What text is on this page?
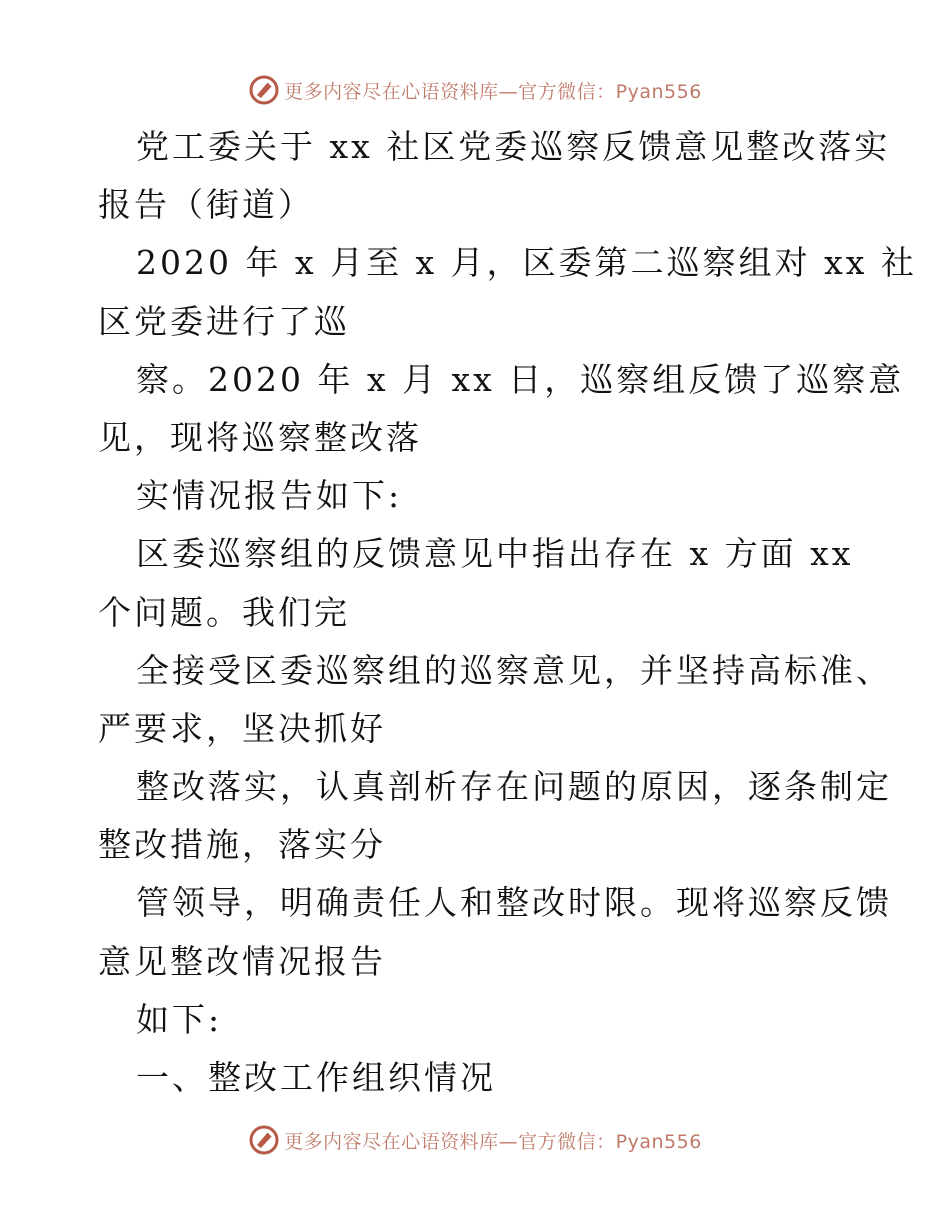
更多内容尽在心语资料库—官方微信：Pyan556
党工委关于 xx 社区党委巡察反馈意见整改落实
报告（街道）
2020 年 x 月至 x 月，区委第二巡察组对 xx 社
区党委进行了巡
察。2020 年 x 月 xx 日，巡察组反馈了巡察意
见，现将巡察整改落
实情况报告如下:
区委巡察组的反馈意见中指出存在 x 方面 xx
个问题。我们完
全接受区委巡察组的巡察意见，并坚持高标准、
严要求，坚决抓好
整改落实，认真剖析存在问题的原因，逐条制定
整改措施，落实分
管领导，明确责任人和整改时限。现将巡察反馈
意见整改情况报告
如下:
一、整改工作组织情况
更多内容尽在心语资料库—官方微信：Pyan556
